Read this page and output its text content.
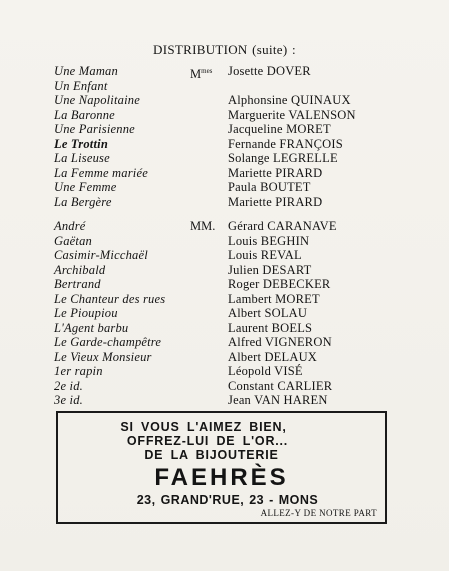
DISTRIBUTION (suite) :
Une Maman	$M^{mes}$ Josette DOVER
Un Enfant
Une Napolitaine	Alphonsine QUINAUX
La Baronne	Marguerite VALENSON
Une Parisienne	Jacqueline MORET
Le Trottin	Fernande FRANÇOIS
La Liseuse	Solange LEGRELLE
La Femme mariée	Mariette PIRARD
Une Femme	Paula BOUTET
La Bergère	Mariette PIRARD
André	MM. Gérard CARANAVE
Gaëtan	Louis BEGHIN
Casimir-Micchaël	Louis REVAL
Archibald	Julien DESART
Bertrand	Roger DEBECKER
Le Chanteur des rues	Lambert MORET
Le Pioupiou	Albert SOLAU
L'Agent barbu	Laurent BOELS
Le Garde-champêtre	Alfred VIGNERON
Le Vieux Monsieur	Albert DELAUX
1er rapin	Léopold VISÉ
2e id.	Constant CARLIER
3e id.	Jean VAN HAREN
SI VOUS L'AIMEZ BIEN,
OFFREZ-LUI DE L'OR...
DE LA BIJOUTERIE
FAEHRÈS
23, GRAND'RUE, 23 - MONS
ALLEZ-Y DE NOTRE PART
